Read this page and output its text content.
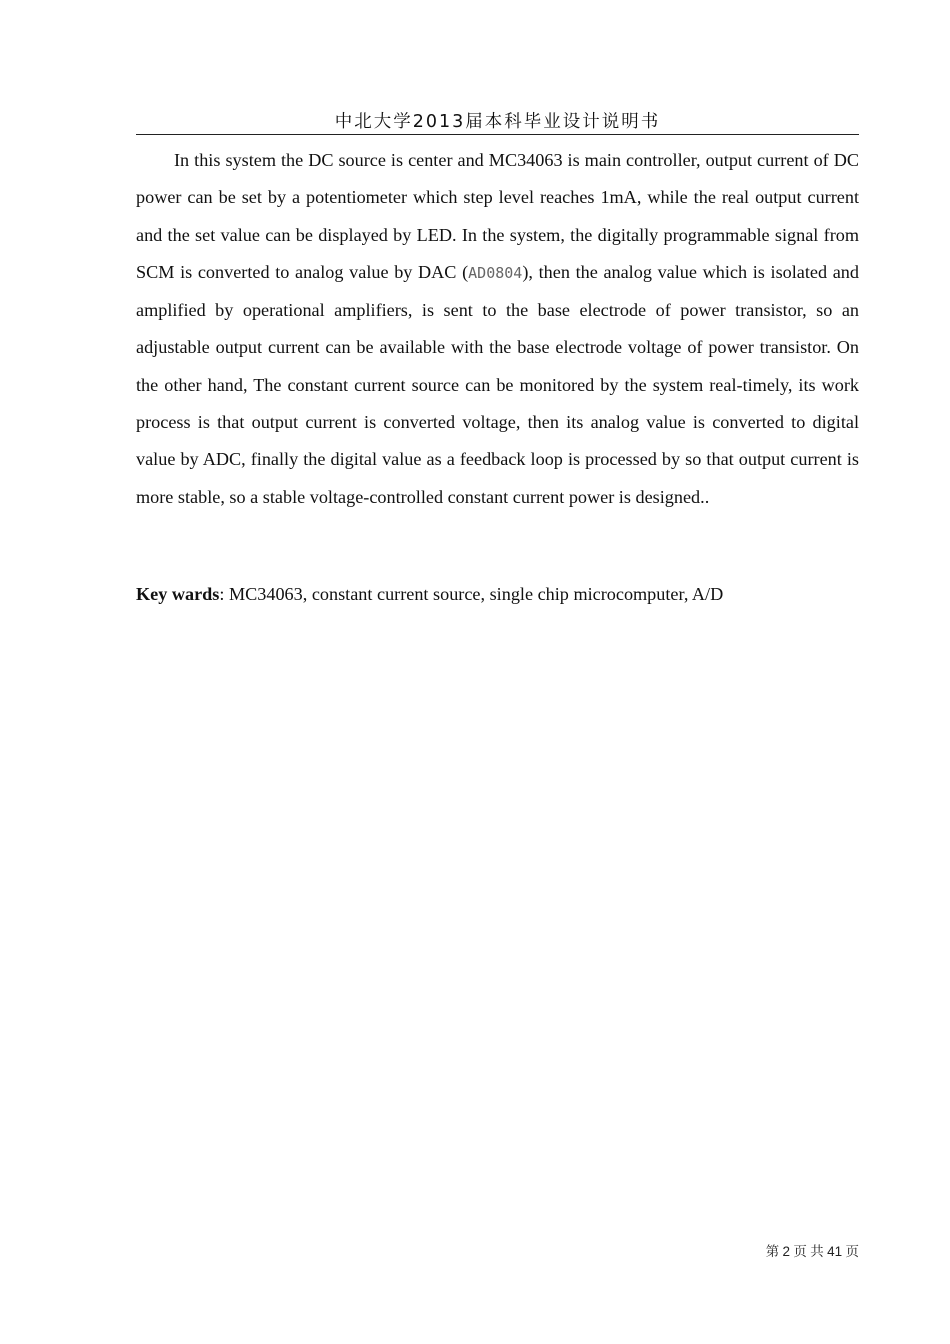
中北大学2013届本科毕业设计说明书

In this system the DC source is center and MC34063 is main controller, output current of DC power can be set by a potentiometer which step level reaches 1mA, while the real output current and the set value can be displayed by LED. In the system, the digitally programmable signal from SCM is converted to analog value by DAC (AD0804), then the analog value which is isolated and amplified by operational amplifiers, is sent to the base electrode of power transistor, so an adjustable output current can be available with the base electrode voltage of power transistor. On the other hand, The constant current source can be monitored by the system real-timely, its work process is that output current is converted voltage, then its analog value is converted to digital value by ADC, finally the digital value as a feedback loop is processed by so that output current is more stable, so a stable voltage-controlled constant current power is designed..

Key wards: MC34063, constant current source, single chip microcomputer, A/D

第 2 页 共 41 页
